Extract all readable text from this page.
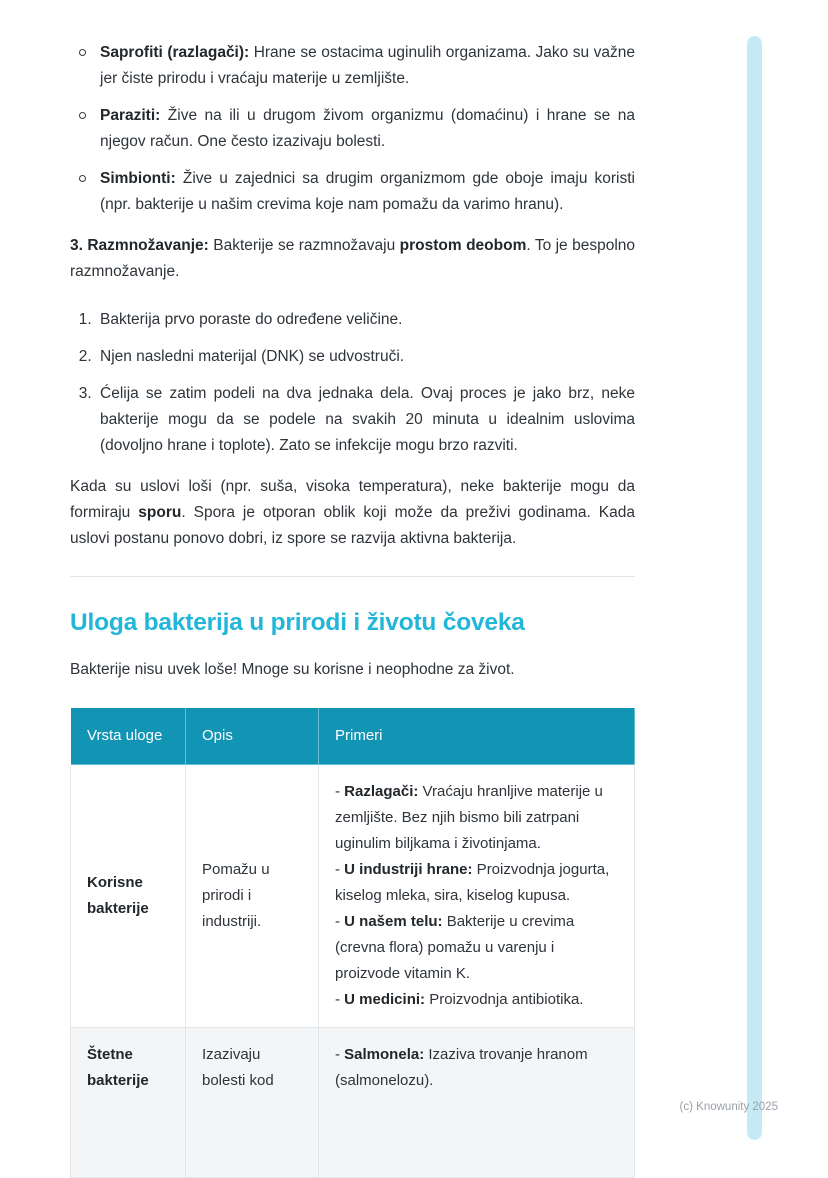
Saprofiti (razlagači): Hrane se ostacima uginulih organizama. Jako su važne jer čiste prirodu i vraćaju materije u zemljište.
Paraziti: Žive na ili u drugom živom organizmu (domaćinu) i hrane se na njegov račun. One često izazivaju bolesti.
Simbionti: Žive u zajednici sa drugim organizmom gde oboje imaju koristi (npr. bakterije u našim crevima koje nam pomažu da varimo hranu).

3. Razmnožavanje: Bakterije se razmnožavaju prostom deobom. To je bespolno razmnožavanje.

1. Bakterija prvo poraste do određene veličine.
2. Njen nasledni materijal (DNK) se udvostruči.
3. Ćelija se zatim podeli na dva jednaka dela. Ovaj proces je jako brz, neke bakterije mogu da se podele na svakih 20 minuta u idealnim uslovima (dovoljno hrane i toplote). Zato se infekcije mogu brzo razviti.

Kada su uslovi loši (npr. suša, visoka temperatura), neke bakterije mogu da formiraju sporu. Spora je otporan oblik koji može da preživi godinama. Kada uslovi postanu ponovo dobri, iz spore se razvija aktivna bakterija.

Uloga bakterija u prirodi i životu čoveka

Bakterije nisu uvek loše! Mnoge su korisne i neophodne za život.

Vrsta uloge	Opis	Primeri
Korisne bakterije	Pomažu u prirodi i industriji.	- Razlagači: Vraćaju hranljive materije u zemljište. Bez njih bismo bili zatrpani uginulim biljkama i životinjama.
- U industriji hrane: Proizvodnja jogurta, kiselog mleka, sira, kiselog kupusa.
- U našem telu: Bakterije u crevima (crevna flora) pomažu u varenju i proizvode vitamin K.
- U medicini: Proizvodnja antibiotika.

Štetne bakterije	Izazivaju bolesti kod	- Salmonela: Izaziva trovanje hranom (salmonelozu).
(c) Knowunity 2025
